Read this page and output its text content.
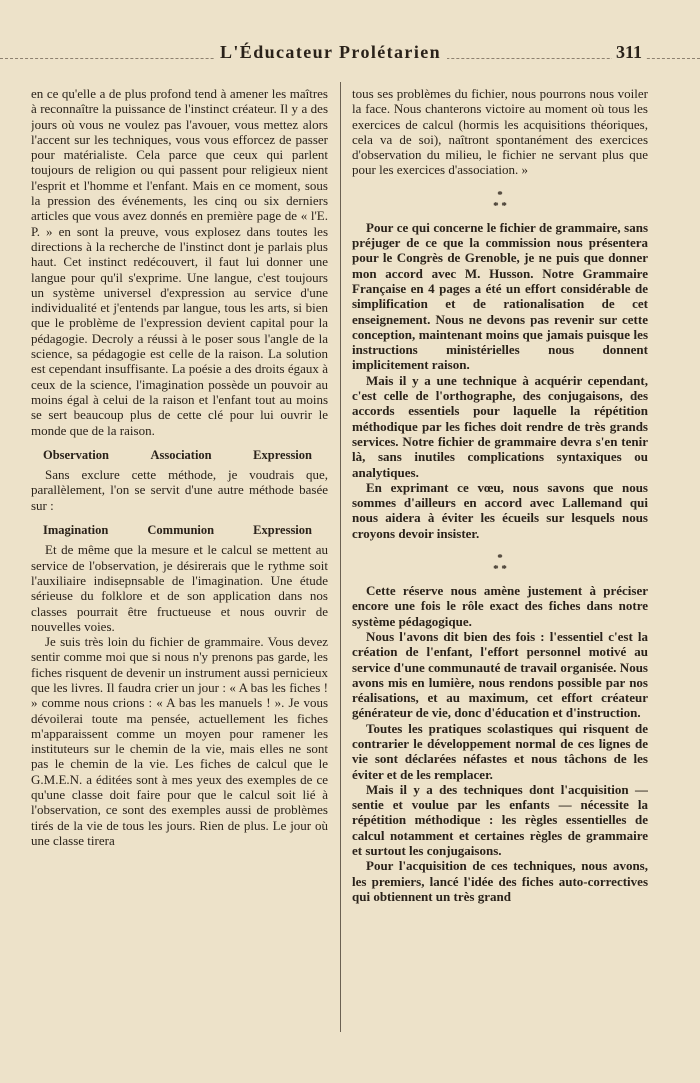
L'Éducateur Prolétarien	311

en ce qu'elle a de plus profond tend à amener les maîtres à reconnaître la puissance de l'instinct créateur. Il y a des jours où vous ne voulez pas l'avouer, vous mettez alors l'accent sur les techniques, vous vous efforcez de passer pour matérialiste. Cela parce que ceux qui parlent toujours de religion ou qui passent pour religieux nient l'esprit et l'homme et l'enfant. Mais en ce moment, sous la pression des événements, les cinq ou six derniers articles que vous avez donnés en première page de « l'E. P. » en sont la preuve, vous explosez dans toutes les directions à la recherche de l'instinct dont je parlais plus haut. Cet instinct redécouvert, il faut lui donner une langue pour qu'il s'exprime. Une langue, c'est toujours un système universel d'expression au service d'une individualité et j'entends par langue, tous les arts, si bien que le problème de l'expression devient capital pour la pédagogie. Decroly a réussi à le poser sous l'angle de la science, sa pédagogie est celle de la raison. La solution est cependant insuffisante. La poésie a des droits égaux à ceux de la science, l'imagination possède un pouvoir au moins égal à celui de la raison et l'enfant tout au moins se sert beaucoup plus de cette clé pour lui ouvrir le monde que de la raison.

Observation	Association	Expression

Sans exclure cette méthode, je voudrais que, parallèlement, l'on se servit d'une autre méthode basée sur :

Imagination	Communion	Expression

Et de même que la mesure et le calcul se mettent au service de l'observation, je désirerais que le rythme soit l'auxiliaire indisepnsable de l'imagination. Une étude sérieuse du folklore et de son application dans nos classes pourrait être fructueuse et nous ouvrir de nouvelles voies.

Je suis très loin du fichier de grammaire. Vous devez sentir comme moi que si nous n'y prenons pas garde, les fiches risquent de devenir un instrument aussi pernicieux que les livres. Il faudra crier un jour : « A bas les fiches ! » comme nous crions : « A bas les manuels ! ». Je vous dévoilerai toute ma pensée, actuellement les fiches m'apparaissent comme un moyen pour ramener les instituteurs sur le chemin de la vie, mais elles ne sont pas le chemin de la vie. Les fiches de calcul que le G.M.E.N. a éditées sont à mes yeux des exemples de ce qu'une classe doit faire pour que le calcul soit lié à l'observation, ce sont des exemples aussi de problèmes tirés de la vie de tous les jours. Rien de plus. Le jour où une classe tirera

tous ses problèmes du fichier, nous pourrons nous voiler la face. Nous chanterons victoire au moment où tous les exercices de calcul (hormis les acquisitions théoriques, cela va de soi), naîtront spontanément des exercices d'observation du milieu, le fichier ne servant plus que pour les exercices d'association. »

*
* *

Pour ce qui concerne le fichier de grammaire, sans préjuger de ce que la commission nous présentera pour le Congrès de Grenoble, je ne puis que donner mon accord avec M. Husson. Notre Grammaire Française en 4 pages a été un effort considérable de simplification et de rationalisation de cet enseignement. Nous ne devons pas revenir sur cette conception, maintenant moins que jamais puisque les instructions ministérielles nous donnent implicitement raison.

Mais il y a une technique à acquérir cependant, c'est celle de l'orthographe, des conjugaisons, des accords essentiels pour laquelle la répétition méthodique par les fiches doit rendre de très grands services. Notre fichier de grammaire devra s'en tenir là, sans inutiles complications syntaxiques ou analytiques.

En exprimant ce vœu, nous savons que nous sommes d'ailleurs en accord avec Lallemand qui nous aidera à éviter les écueils sur lesquels nous croyons devoir insister.

*
* *

Cette réserve nous amène justement à préciser encore une fois le rôle exact des fiches dans notre système pédagogique.

Nous l'avons dit bien des fois : l'essentiel c'est la création de l'enfant, l'effort personnel motivé au service d'une communauté de travail organisée. Nous avons mis en lumière, nous rendons possible par nos réalisations, et au maximum, cet effort créateur générateur de vie, donc d'éducation et d'instruction.

Toutes les pratiques scolastiques qui risquent de contrarier le développement normal de ces lignes de vie sont déclarées néfastes et nous tâchons de les éviter et de les remplacer.

Mais il y a des techniques dont l'acquisition — sentie et voulue par les enfants — nécessite la répétition méthodique : les règles essentielles de calcul notamment et certaines règles de grammaire et surtout les conjugaisons.

Pour l'acquisition de ces techniques, nous avons, les premiers, lancé l'idée des fiches auto-correctives qui obtiennent un très grand
